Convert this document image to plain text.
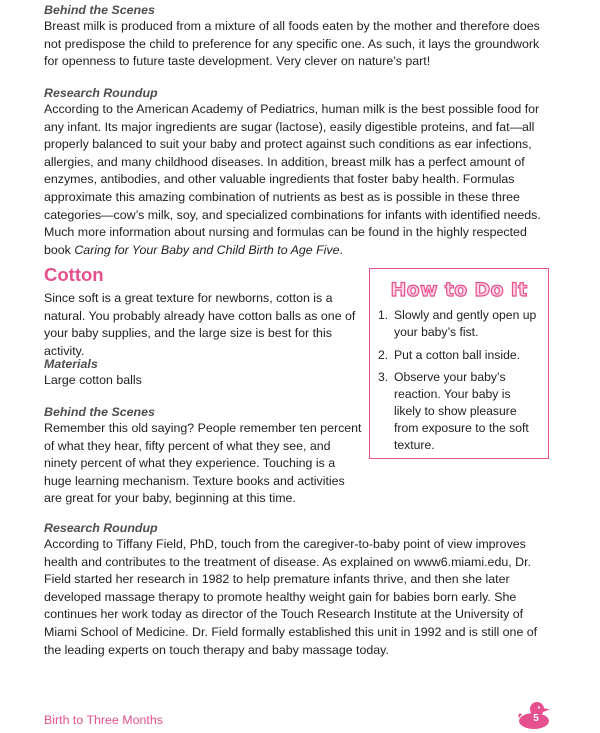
Behind the Scenes

Breast milk is produced from a mixture of all foods eaten by the mother and therefore does not predispose the child to preference for any specific one. As such, it lays the groundwork for openness to future taste development. Very clever on nature’s part!

Research Roundup

According to the American Academy of Pediatrics, human milk is the best possible food for any infant. Its major ingredients are sugar (lactose), easily digestible proteins, and fat—all properly balanced to suit your baby and protect against such conditions as ear infections, allergies, and many childhood diseases. In addition, breast milk has a perfect amount of enzymes, antibodies, and other valuable ingredients that foster baby health. Formulas approximate this amazing combination of nutrients as best as is possible in these three categories—cow’s milk, soy, and specialized combinations for infants with identified needs. Much more information about nursing and formulas can be found in the highly respected book Caring for Your Baby and Child Birth to Age Five.

Cotton

Since soft is a great texture for newborns, cotton is a natural. You probably already have cotton balls as one of your baby supplies, and the large size is best for this activity.

Materials

Large cotton balls

Behind the Scenes

Remember this old saying? People remember ten percent of what they hear, fifty percent of what they see, and ninety percent of what they experience. Touching is a huge learning mechanism. Texture books and activities are great for your baby, beginning at this time.

Research Roundup

According to Tiffany Field, PhD, touch from the caregiver-to-baby point of view improves health and contributes to the treatment of disease. As explained on www6.miami.edu, Dr. Field started her research in 1982 to help premature infants thrive, and then she later developed massage therapy to promote healthy weight gain for babies born early. She continues her work today as director of the Touch Research Institute at the University of Miami School of Medicine. Dr. Field formally established this unit in 1992 and is still one of the leading experts on touch therapy and baby massage today.

How to Do It

1. Slowly and gently open up your baby’s fist.
2. Put a cotton ball inside.
3. Observe your baby’s reaction. Your baby is likely to show pleasure from exposure to the soft texture.

Birth to Three Months	5
